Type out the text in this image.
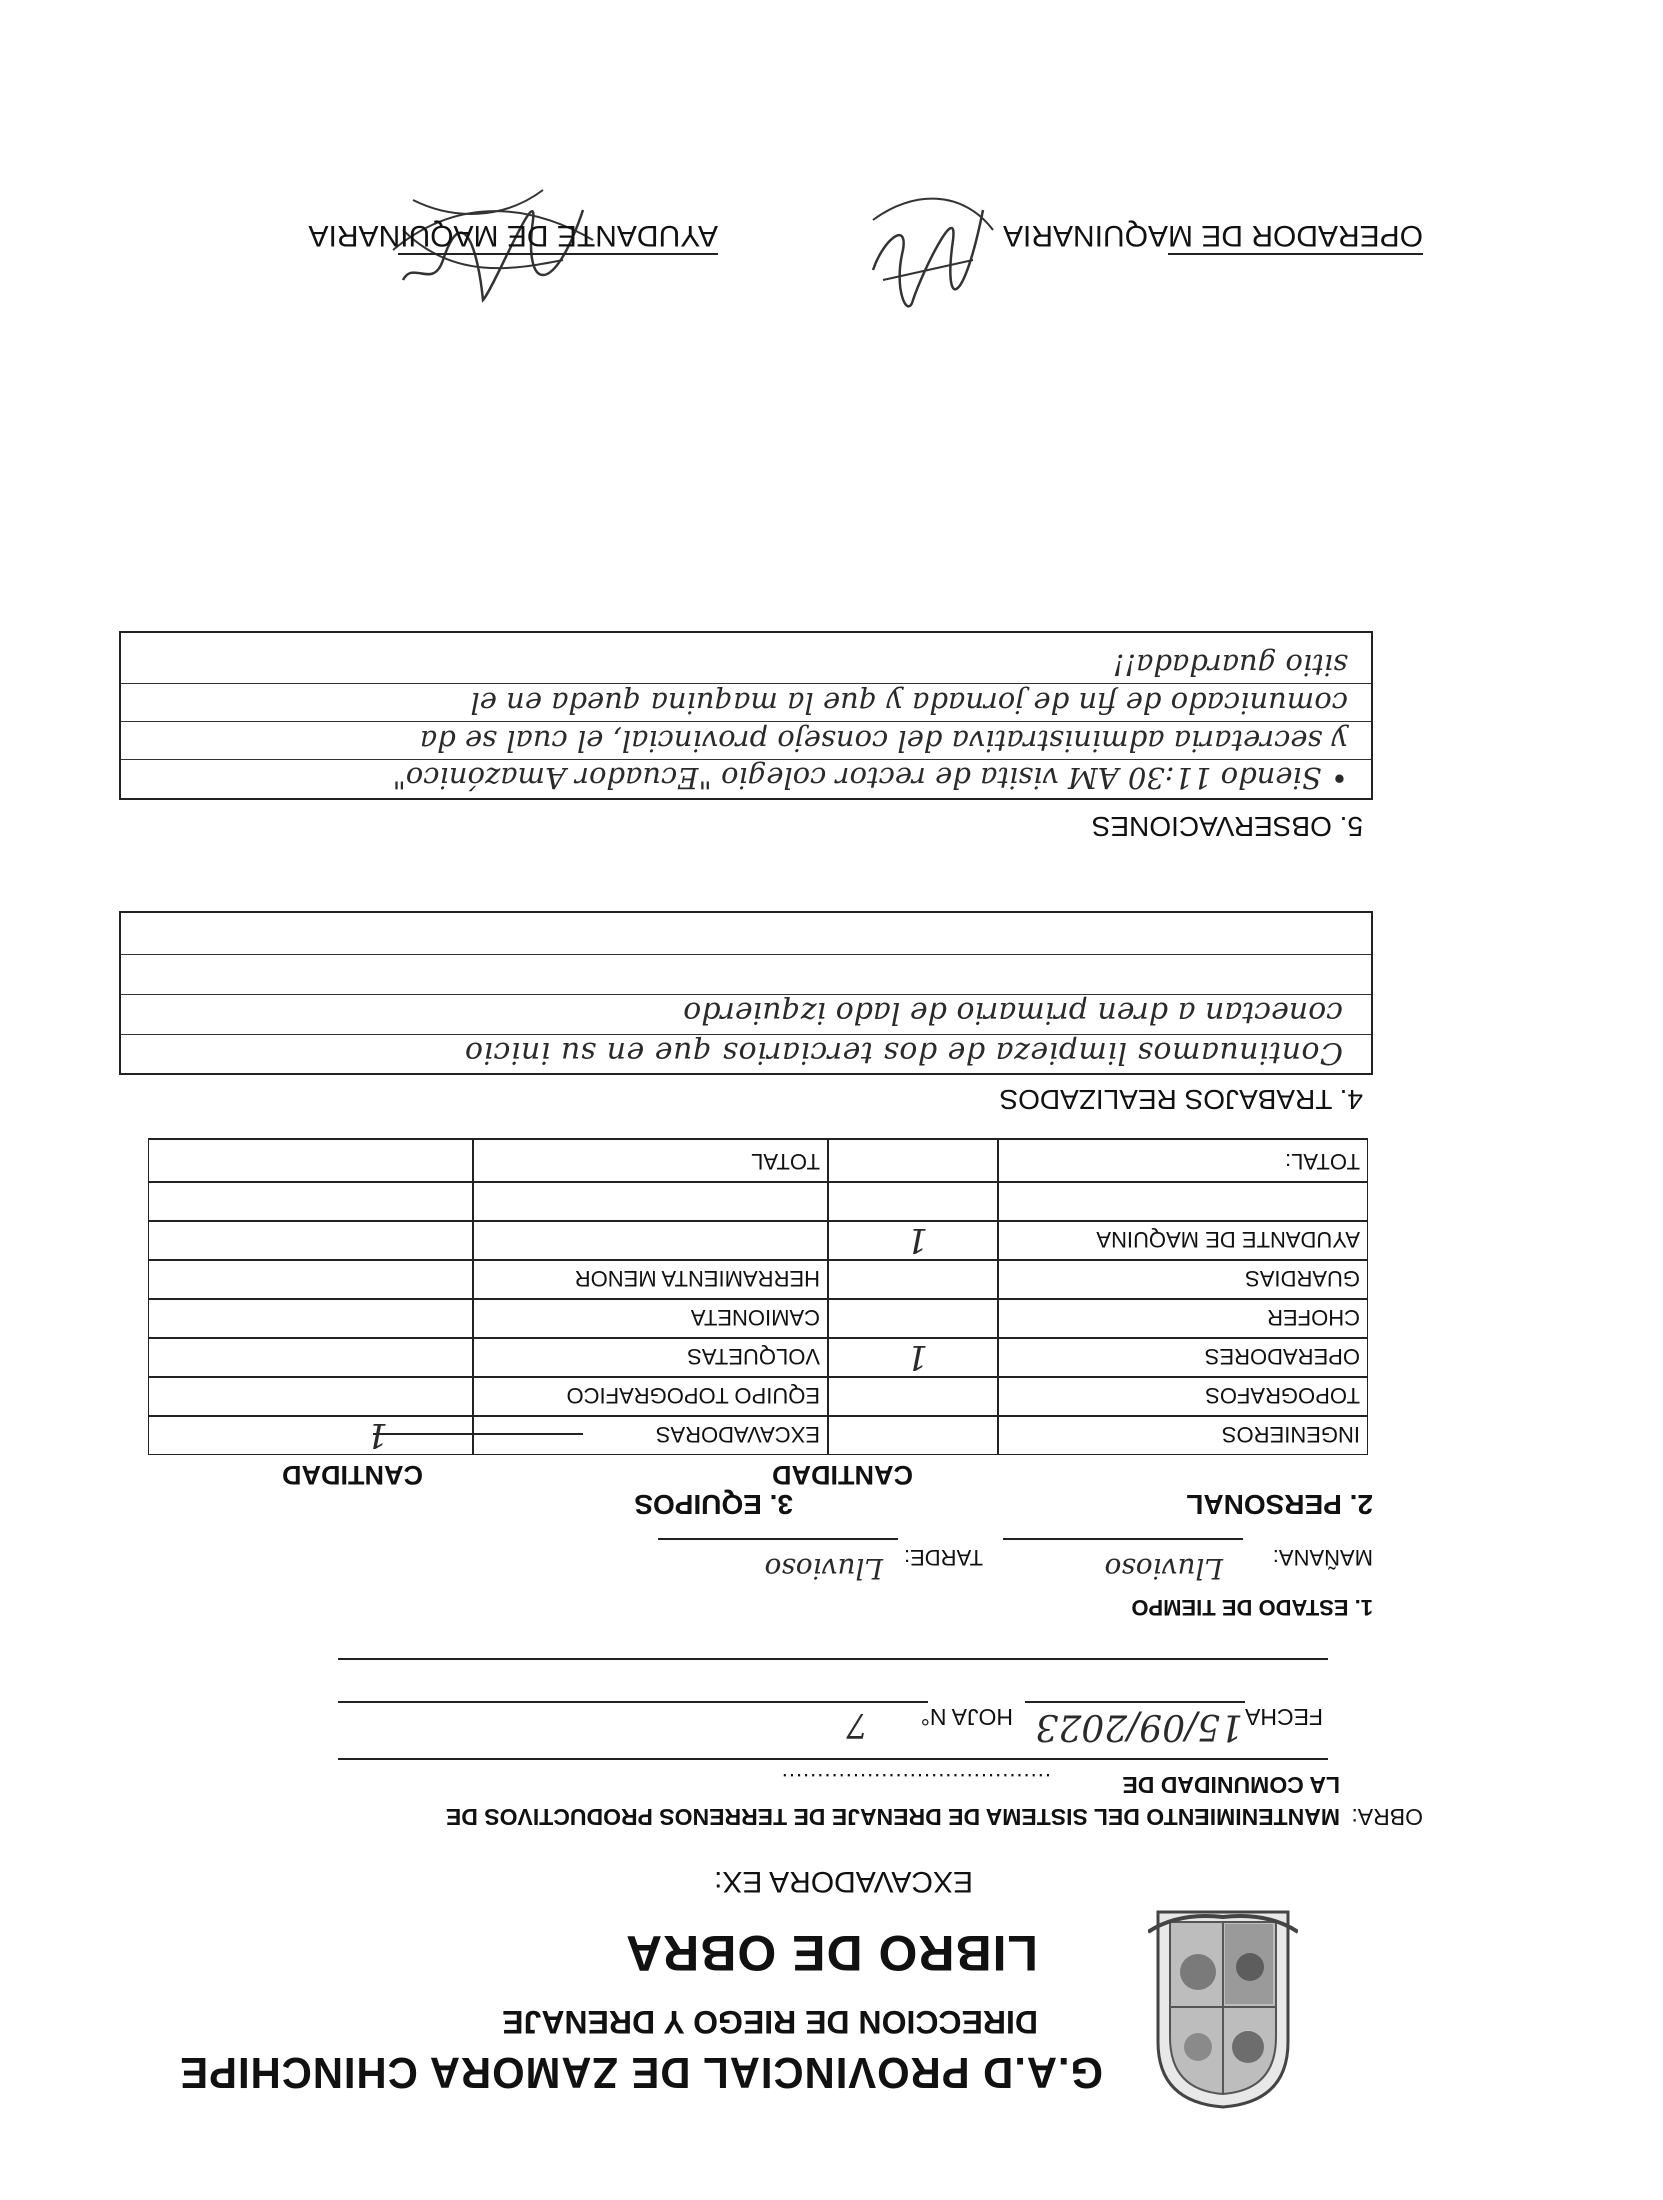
G.A.D PROVINCIAL DE ZAMORA CHINCHIPE
DIRECCION DE RIEGO Y DRENAJE
LIBRO DE OBRA
EXCAVADORA EX:
OBRA:
MANTENIMIENTO DEL SISTEMA DE DRENAJE DE TERRENOS PRODUCTIVOS DE
LA COMUNIDAD DE
......................................
FECHA
15/09/2023
HOJA N°
7
1. ESTADO DE TIEMPO
MAÑANA:
Lluvioso
TARDE:
Lluvioso
2. PERSONAL
CANTIDAD
3. EQUIPOS
CANTIDAD
INGENIEROS
TOPOGRAFOS
OPERADORES
CHOFER
GUARDIAS
AYUDANTE DE MAQUINA
TOTAL:
1
1
EXCAVADORAS
EQUIPO TOPOGRAFICO
VOLQUETAS
CAMIONETA
HERRAMIENTA MENOR
TOTAL
1
4. TRABAJOS REALIZADOS
Continuamos limpieza de dos terciarios que en su inicio
conectan a dren primario de lado izquierdo
5. OBSERVACIONES
• Siendo 11:30 AM visita de rector colegio "Ecuador Amazónico"
y secretaria administrativa del consejo provincial, el cual se da
comunicado de fin de jornada y que la maquina queda en el
sitio guardada!!
OPERADOR DE MAQUINARIA
AYUDANTE DE MAQUINARIA
